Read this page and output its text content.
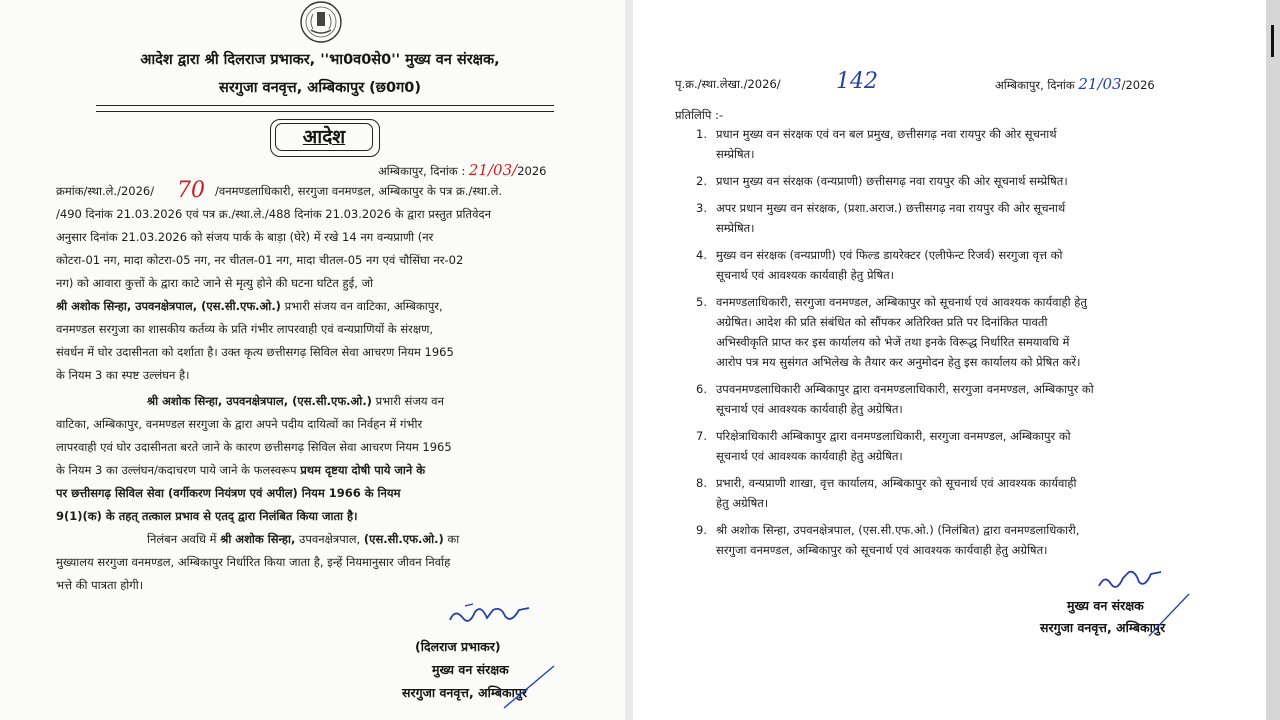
आदेश द्वारा श्री दिलराज प्रभाकर, ''भा0व0से0'' मुख्य वन संरक्षक,
सरगुजा वनवृत्त, अम्बिकापुर (छ0ग0)
आदेश
अम्बिकापुर, दिनांक : 21/03/2026
क्रमांक/स्था.ले./2026/ 70 /वनमण्डलाधिकारी, सरगुजा वनमण्डल, अम्बिकापुर के पत्र क्र./स्था.ले.
/490 दिनांक 21.03.2026 एवं पत्र क्र./स्था.ले./488 दिनांक 21.03.2026 के द्वारा प्रस्तुत प्रतिवेदन
अनुसार दिनांक 21.03.2026 को संजय पार्क के बाड़ा (घेरे) में रखे 14 नग वन्यप्राणी (नर
कोटरा-01 नग, मादा कोटरा-05 नग, नर चीतल-01 नग, मादा चीतल-05 नग एवं चौसिंघा नर-02
नग) को आवारा कुत्तों के द्वारा काटे जाने से मृत्यु होने की घटना घटित हुई, जो
श्री अशोक सिन्हा, उपवनक्षेत्रपाल, (एस.सी.एफ.ओ.) प्रभारी संजय वन वाटिका, अम्बिकापुर,
वनमण्डल सरगुजा का शासकीय कर्तव्य के प्रति गंभीर लापरवाही एवं वन्यप्राणियों के संरक्षण,
संवर्धन में घोर उदासीनता को दर्शाता है। उक्त कृत्य छत्तीसगढ़ सिविल सेवा आचरण नियम 1965
के नियम 3 का स्पष्ट उल्लंघन है।
श्री अशोक सिन्हा, उपवनक्षेत्रपाल, (एस.सी.एफ.ओ.) प्रभारी संजय वन
वाटिका, अम्बिकापुर, वनमण्डल सरगुजा के द्वारा अपने पदीय दायित्वों का निर्वहन में गंभीर
लापरवाही एवं घोर उदासीनता बरते जाने के कारण छत्तीसगढ़ सिविल सेवा आचरण नियम 1965
के नियम 3 का उल्लंघन/कदाचरण पाये जाने के फलस्वरूप प्रथम दृष्टया दोषी पाये जाने के
पर छत्तीसगढ़ सिविल सेवा (वर्गीकरण नियंत्रण एवं अपील) नियम 1966 के नियम
9(1)(क) के तहत् तत्काल प्रभाव से एतद् द्वारा निलंबित किया जाता है।
निलंबन अवधि में श्री अशोक सिन्हा, उपवनक्षेत्रपाल, (एस.सी.एफ.ओ.) का
मुख्यालय सरगुजा वनमण्डल, अम्बिकापुर निर्धारित किया जाता है, इन्हें नियमानुसार जीवन निर्वाह
भत्ते की पात्रता होगी।
(दिलराज प्रभाकर)
मुख्य वन संरक्षक
सरगुजा वनवृत्त, अम्बिकापुर
पृ.क्र./स्था.लेखा./2026/	142	अम्बिकापुर, दिनांक 21/03/2026
प्रतिलिपि :-
1. प्रधान मुख्य वन संरक्षक एवं वन बल प्रमुख, छत्तीसगढ़ नवा रायपुर की ओर सूचनार्थ
सम्प्रेषित।
2. प्रधान मुख्य वन संरक्षक (वन्यप्राणी) छत्तीसगढ़ नवा रायपुर की ओर सूचनार्थ सम्प्रेषित।
3. अपर प्रधान मुख्य वन संरक्षक, (प्रशा.अराज.) छत्तीसगढ़ नवा रायपुर की ओर सूचनार्थ
सम्प्रेषित।
4. मुख्य वन संरक्षक (वन्यप्राणी) एवं फिल्ड डायरेक्टर (एलीफेन्ट रिजर्व) सरगुजा वृत्त को
सूचनार्थ एवं आवश्यक कार्यवाही हेतु प्रेषित।
5. वनमण्डलाधिकारी, सरगुजा वनमण्डल, अम्बिकापुर को सूचनार्थ एवं आवश्यक कार्यवाही हेतु
अग्रेषित। आदेश की प्रति संबंधित को सौंपकर अतिरिक्त प्रति पर दिनांकित पावती
अभिस्वीकृति प्राप्त कर इस कार्यालय को भेजें तथा इनके विरूद्ध निर्धारित समयावधि में
आरोप पत्र मय सुसंगत अभिलेख के तैयार कर अनुमोदन हेतु इस कार्यालय को प्रेषित करें।
6. उपवनमण्डलाधिकारी अम्बिकापुर द्वारा वनमण्डलाधिकारी, सरगुजा वनमण्डल, अम्बिकापुर को
सूचनार्थ एवं आवश्यक कार्यवाही हेतु अग्रेषित।
7. परिक्षेत्राधिकारी अम्बिकापुर द्वारा वनमण्डलाधिकारी, सरगुजा वनमण्डल, अम्बिकापुर को
सूचनार्थ एवं आवश्यक कार्यवाही हेतु अग्रेषित।
8. प्रभारी, वन्यप्राणी शाखा, वृत्त कार्यालय, अम्बिकापुर को सूचनार्थ एवं आवश्यक कार्यवाही
हेतु अग्रेषित।
9. श्री अशोक सिन्हा, उपवनक्षेत्रपाल, (एस.सी.एफ.ओ.) (निलंबित) द्वारा वनमण्डलाधिकारी,
सरगुजा वनमण्डल, अम्बिकापुर को सूचनार्थ एवं आवश्यक कार्यवाही हेतु अग्रेषित।
मुख्य वन संरक्षक
सरगुजा वनवृत्त, अम्बिकापुर
